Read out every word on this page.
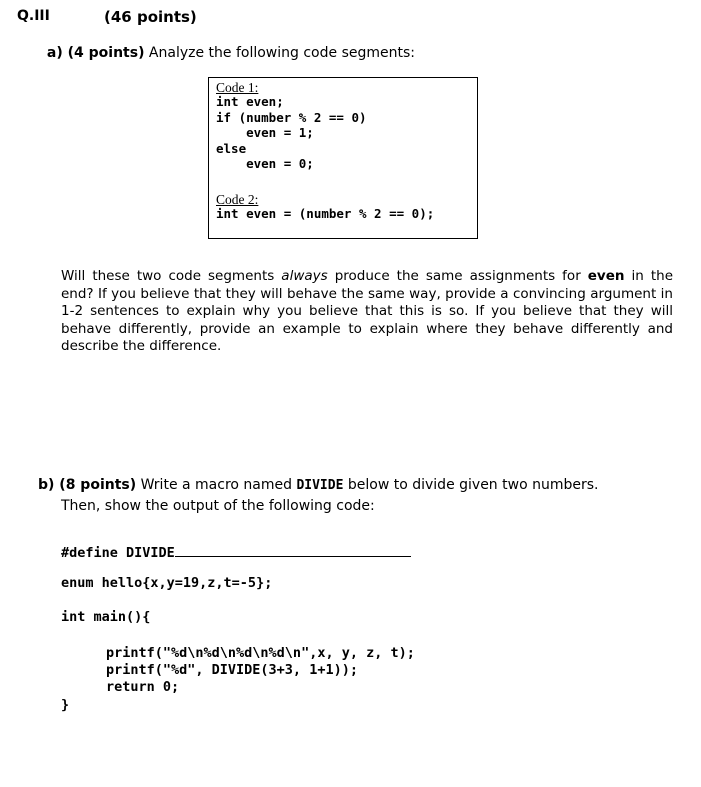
Q.III	(46 points)

a) (4 points) Analyze the following code segments:

Code 1:
int even;
if (number % 2 == 0)
even = 1;
else
even = 0;
Code 2:
int even = (number % 2 == 0);

Will these two code segments always produce the same assignments for even in the end? If you believe that they will behave the same way, provide a convincing argument in 1-2 sentences to explain why you believe that this is so. If you believe that they will behave differently, provide an example to explain where they behave differently and describe the difference.

b) (8 points) Write a macro named DIVIDE below to divide given two numbers.
Then, show the output of the following code:
#define DIVIDE
enum hello{x,y=19,z,t=-5};
int main(){
printf("%d\n%d\n%d\n%d\n",x, y, z, t);
printf("%d", DIVIDE(3+3, 1+1));
return 0;
}
